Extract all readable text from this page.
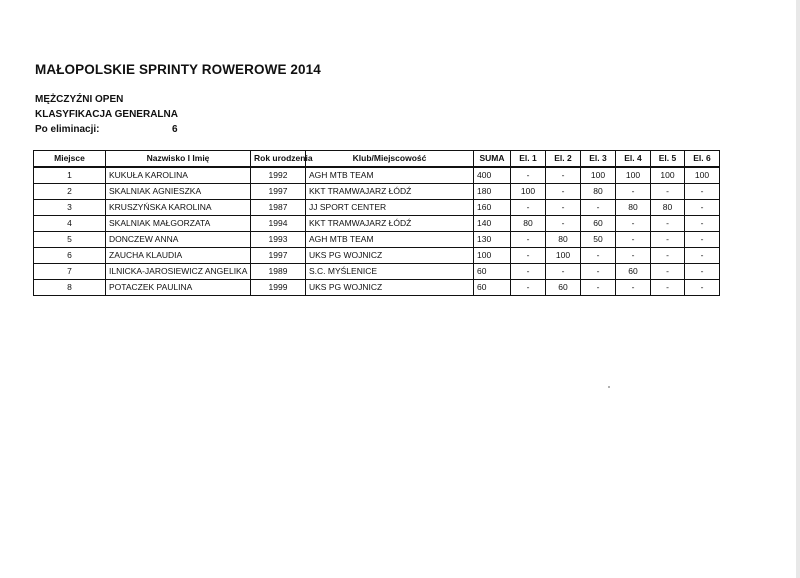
MAŁOPOLSKIE SPRINTY ROWEROWE 2014
MĘŻCZYŹNI OPEN
KLASYFIKACJA GENERALNA
Po eliminacji:	6
Miejsce	Nazwisko I Imię	Rok urodzenia	Klub/Miejscowość	SUMA	El. 1	El. 2	El. 3	El. 4	El. 5	El. 6
1	KUKUŁA KAROLINA	1992	AGH MTB TEAM	400	-	-	100	100	100	100
2	SKALNIAK AGNIESZKA	1997	KKT TRAMWAJARZ ŁÓDŹ	180	100	-	80	-	-	-
3	KRUSZYŃSKA KAROLINA	1987	JJ SPORT CENTER	160	-	-	-	80	80	-
4	SKALNIAK MAŁGORZATA	1994	KKT TRAMWAJARZ ŁÓDŹ	140	80	-	60	-	-	-
5	DONCZEW ANNA	1993	AGH MTB TEAM	130	-	80	50	-	-	-
6	ZAUCHA KLAUDIA	1997	UKS PG WOJNICZ	100	-	100	-	-	-	-
7	ILNICKA-JAROSIEWICZ ANGELIKA	1989	S.C. MYŚLENICE	60	-	-	-	60	-	-
8	POTACZEK PAULINA	1999	UKS PG WOJNICZ	60	-	60	-	-	-	-
